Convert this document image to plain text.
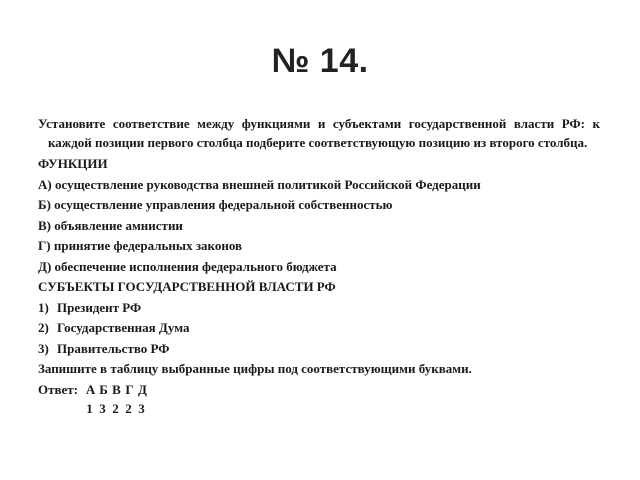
№ 14.
Установите соответствие между функциями и субъектами государственной власти РФ: к каждой позиции первого столбца подберите соответствующую позицию из второго столбца.
ФУНКЦИИ
А) осуществление руководства внешней политикой Российской Федерации
Б) осуществление управления федеральной собственностью
В) объявление амнистии
Г) принятие федеральных законов
Д) обеспечение исполнения федерального бюджета
СУБЪЕКТЫ ГОСУДАРСТВЕННОЙ ВЛАСТИ РФ
1) Президент РФ
2) Государственная Дума
3) Правительство РФ
Запишите в таблицу выбранные цифры под соответствующими буквами.
Ответ: А Б В Г Д
1 3 2 2 3
